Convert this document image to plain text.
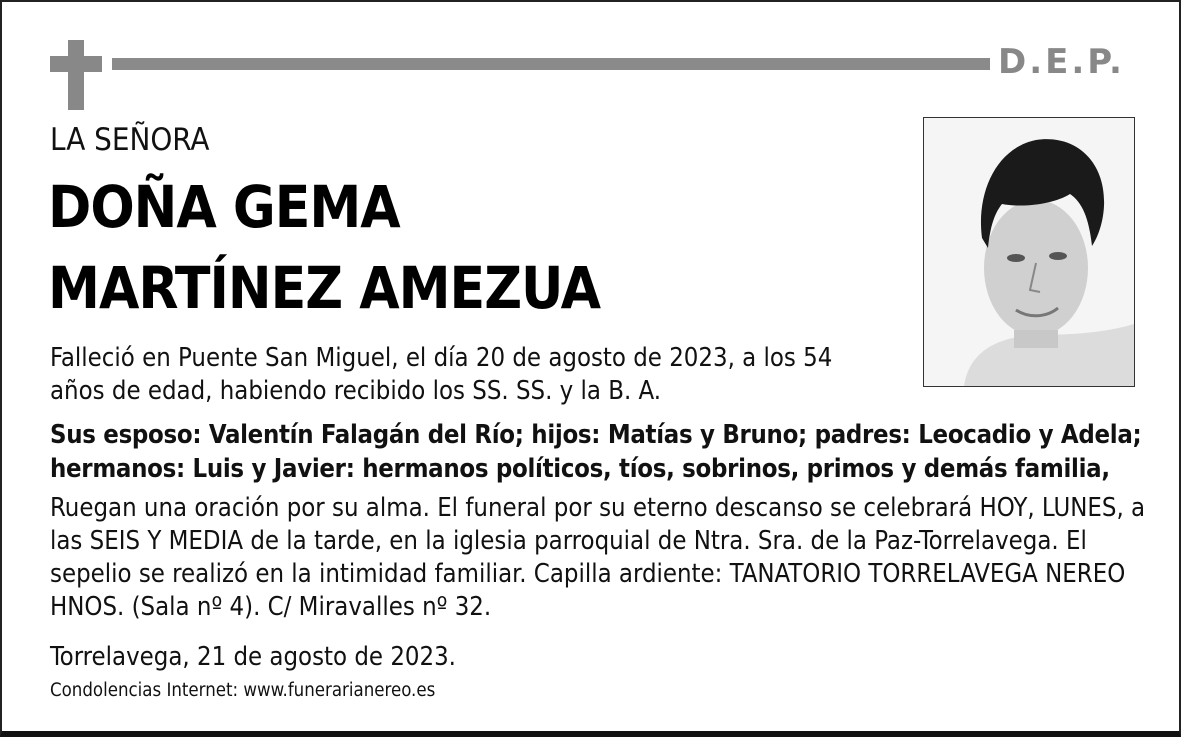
D.E.P.
LA SEÑORA
DOÑA GEMA
MARTÍNEZ AMEZUA
Falleció en Puente San Miguel, el día 20 de agosto de 2023, a los 54 años de edad, habiendo recibido los SS. SS. y la B. A.
Sus esposo: Valentín Falagán del Río; hijos: Matías y Bruno; padres: Leocadio y Adela; hermanos: Luis y Javier: hermanos políticos, tíos, sobrinos, primos y demás familia,
Ruegan una oración por su alma. El funeral por su eterno descanso se celebrará HOY, LUNES, a las SEIS Y MEDIA de la tarde, en la iglesia parroquial de Ntra. Sra. de la Paz-Torrelavega. El sepelio se realizó en la intimidad familiar. Capilla ardiente: TANATORIO TORRELAVEGA NEREO HNOS. (Sala nº 4). C/ Miravalles nº 32.
Torrelavega, 21 de agosto de 2023.
Condolencias Internet: www.funerarianereo.es
